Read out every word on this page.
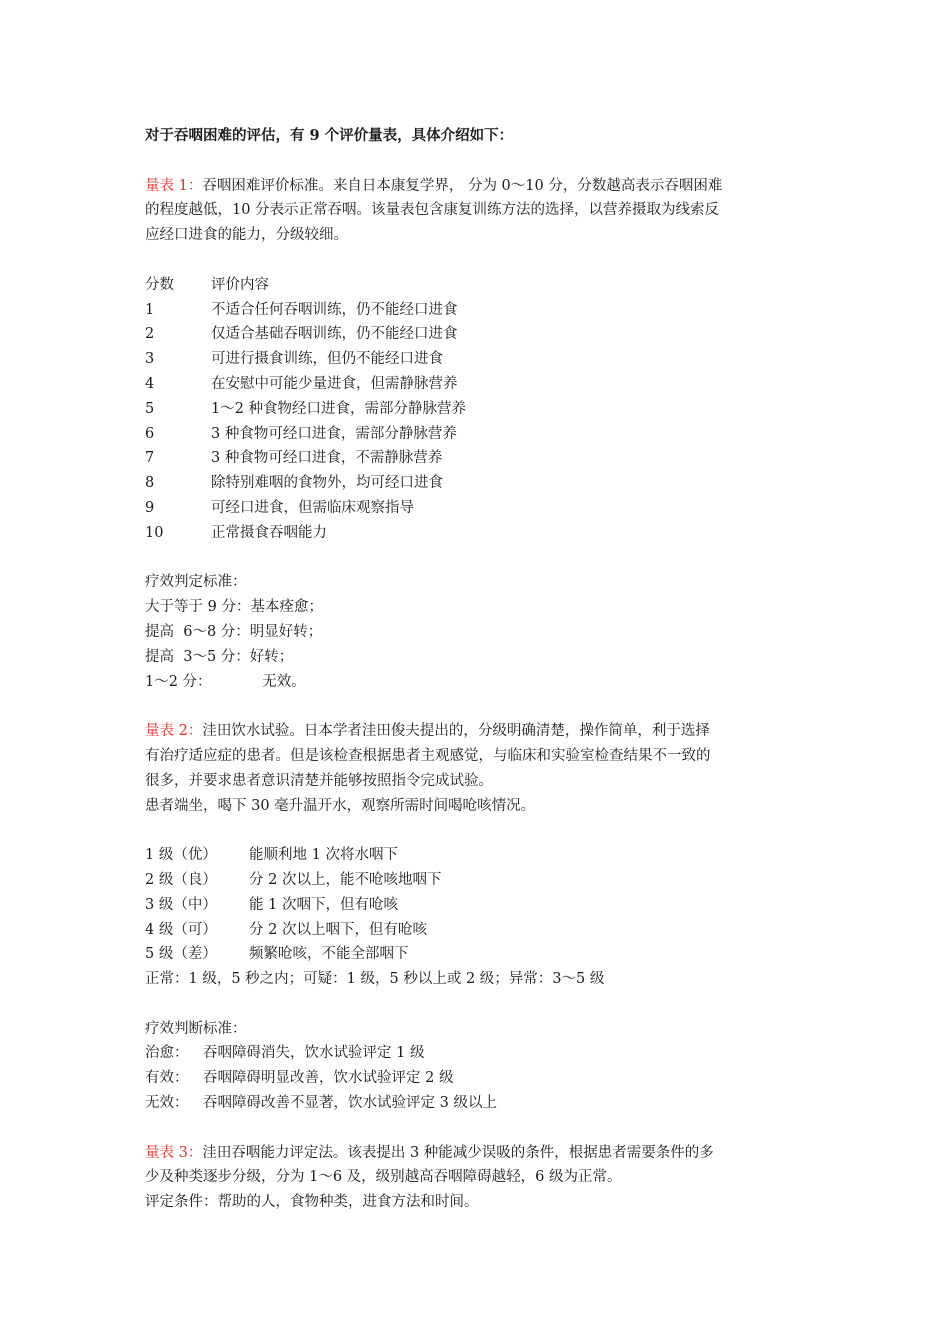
对于吞咽困难的评估，有 9 个评价量表，具体介绍如下：
量表 1：吞咽困难评价标准。来自日本康复学界， 分为 0～10 分，分数越高表示吞咽困难
的程度越低，10 分表示正常吞咽。该量表包含康复训练方法的选择，以营养摄取为线索反
应经口进食的能力，分级较细。
分数	评价内容
1	不适合任何吞咽训练，仍不能经口进食
2	仅适合基础吞咽训练，仍不能经口进食
3	可进行摄食训练，但仍不能经口进食
4	在安慰中可能少量进食，但需静脉营养
5	1～2 种食物经口进食，需部分静脉营养
6	3 种食物可经口进食，需部分静脉营养
7	3 种食物可经口进食，不需静脉营养
8	除特别难咽的食物外，均可经口进食
9	可经口进食，但需临床观察指导
10	正常摄食吞咽能力
疗效判定标准：
大于等于 9 分：基本痊愈；
提高  6～8 分：明显好转；
提高  3～5 分：好转；
1～2 分：           无效。
量表 2：洼田饮水试验。日本学者洼田俊夫提出的，分级明确清楚，操作简单，利于选择
有治疗适应症的患者。但是该检查根据患者主观感觉，与临床和实验室检查结果不一致的
很多，并要求患者意识清楚并能够按照指令完成试验。
患者端坐，喝下 30 毫升温开水，观察所需时间喝呛咳情况。
1 级（优）	能顺利地 1 次将水咽下
2 级（良）	分 2 次以上，能不呛咳地咽下
3 级（中）	能 1 次咽下，但有呛咳
4 级（可）	分 2 次以上咽下，但有呛咳
5 级（差）	频繁呛咳，不能全部咽下
正常：1 级，5 秒之内；可疑：1 级，5 秒以上或 2 级；异常：3～5 级
疗效判断标准：
治愈：	吞咽障碍消失，饮水试验评定 1 级
有效：	吞咽障碍明显改善，饮水试验评定 2 级
无效：	吞咽障碍改善不显著，饮水试验评定 3 级以上
量表 3：洼田吞咽能力评定法。该表提出 3 种能减少误吸的条件，根据患者需要条件的多
少及种类逐步分级，分为 1～6 及，级别越高吞咽障碍越轻，6 级为正常。
评定条件：帮助的人，食物种类，进食方法和时间。
